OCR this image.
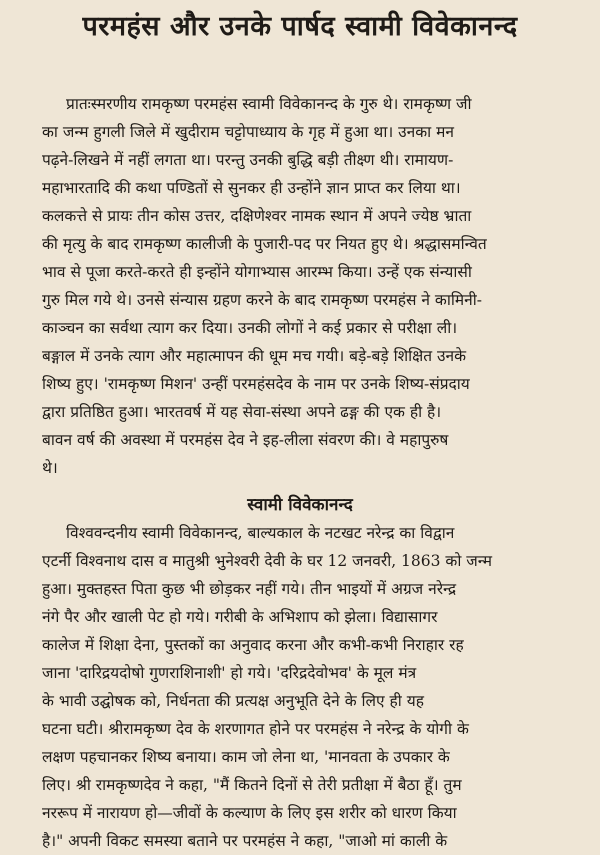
परमहंस और उनके पार्षद स्वामी विवेकानन्द
प्रातःस्मरणीय रामकृष्ण परमहंस स्वामी विवेकानन्द के गुरु थे। रामकृष्ण जी
का जन्म हुगली जिले में खुदीराम चट्टोपाध्याय के गृह में हुआ था। उनका मन
पढ़ने-लिखने में नहीं लगता था। परन्तु उनकी बुद्धि बड़ी तीक्ष्ण थी। रामायण-
महाभारतादि की कथा पण्डितों से सुनकर ही उन्होंने ज्ञान प्राप्त कर लिया था।
कलकत्ते से प्रायः तीन कोस उत्तर, दक्षिणेश्वर नामक स्थान में अपने ज्येष्ठ भ्राता
की मृत्यु के बाद रामकृष्ण कालीजी के पुजारी-पद पर नियत हुए थे। श्रद्धासमन्वित
भाव से पूजा करते-करते ही इन्होंने योगाभ्यास आरम्भ किया। उन्हें एक संन्यासी
गुरु मिल गये थे। उनसे संन्यास ग्रहण करने के बाद रामकृष्ण परमहंस ने कामिनी-
काञ्चन का सर्वथा त्याग कर दिया। उनकी लोगों ने कई प्रकार से परीक्षा ली।
बङ्गाल में उनके त्याग और महात्मापन की धूम मच गयी। बड़े-बड़े शिक्षित उनके
शिष्य हुए। 'रामकृष्ण मिशन' उन्हीं परमहंसदेव के नाम पर उनके शिष्य-संप्रदाय
द्वारा प्रतिष्ठित हुआ। भारतवर्ष में यह सेवा-संस्था अपने ढङ्ग की एक ही है।
बावन वर्ष की अवस्था में परमहंस देव ने इह-लीला संवरण की। वे महापुरुष
थे।
स्वामी विवेकानन्द
विश्ववन्दनीय स्वामी विवेकानन्द, बाल्यकाल के नटखट नरेन्द्र का विद्वान
एटर्नी विश्वनाथ दास व मातुश्री भुनेश्वरी देवी के घर 12 जनवरी, 1863 को जन्म
हुआ। मुक्तहस्त पिता कुछ भी छोड़कर नहीं गये। तीन भाइयों में अग्रज नरेन्द्र
नंगे पैर और खाली पेट हो गये। गरीबी के अभिशाप को झेला। विद्यासागर
कालेज में शिक्षा देना, पुस्तकों का अनुवाद करना और कभी-कभी निराहार रह
जाना 'दारिद्रयदोषो गुणराशिनाशी' हो गये। 'दरिद्रदेवोभव' के मूल मंत्र
के भावी उद्घोषक को, निर्धनता की प्रत्यक्ष अनुभूति देने के लिए ही यह
घटना घटी। श्रीरामकृष्ण देव के शरणागत होने पर परमहंस ने नरेन्द्र के योगी के
लक्षण पहचानकर शिष्य बनाया। काम जो लेना था, 'मानवता के उपकार के
लिए। श्री रामकृष्णदेव ने कहा, "मैं कितने दिनों से तेरी प्रतीक्षा में बैठा हूँ। तुम
नररूप में नारायण हो—जीवों के कल्याण के लिए इस शरीर को धारण किया
है।" अपनी विकट समस्या बताने पर परमहंस ने कहा, "जाओ मां काली के
